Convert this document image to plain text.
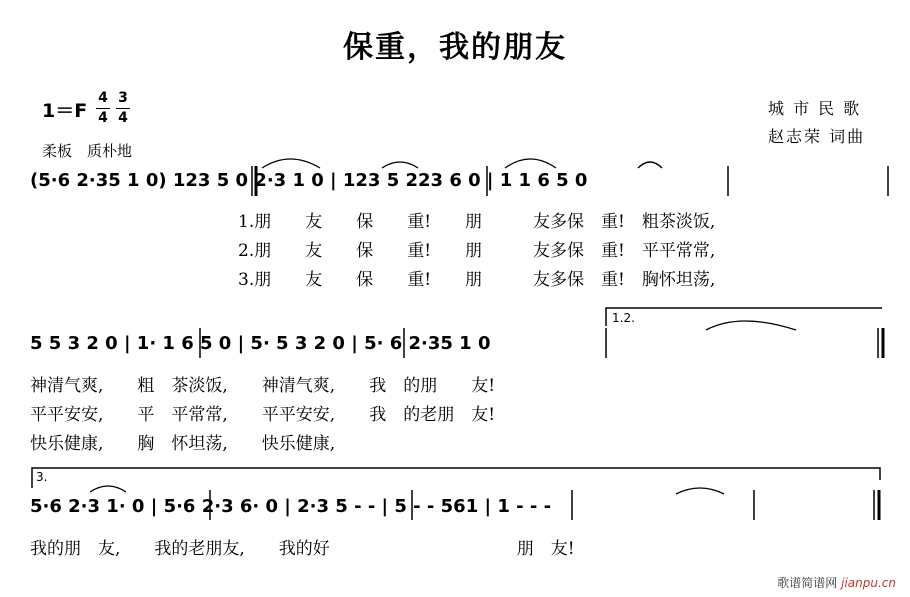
保重，我的朋友
1＝F
4
4
3
4
柔板　质朴地
城 市 民 歌
赵志荣 词曲
(5·6 2·35 1 0) 123 5 0 2·3 1 0 | 123 5 223 6 0 | 1 1 6 5 0
1.朋　　友　　保　　重!　　朋　　　友多保　重!　粗茶淡饭,
2.朋　　友　　保　　重!　　朋　　　友多保　重!　平平常常,
3.朋　　友　　保　　重!　　朋　　　友多保　重!　胸怀坦荡,
1.2.
5 5 3 2 0 | 1· 1 6 5 0 | 5· 5 3 2 0 | 5· 6 2·35 1 0
神清气爽,　　粗　茶淡饭,　　神清气爽,　　我　的朋　　友!
平平安安,　　平　平常常,　　平平安安,　　我　的老朋　友!
快乐健康,　　胸　怀坦荡,　　快乐健康,
3.
5·6 2·3 1· 0 | 5·6 2·3 6· 0 | 2·3 5 - - | 5 - - 561 | 1 - - -
我的朋　友,　　我的老朋友,　　我的好　　　　　　　　　　　朋　友!
歌谱简谱网 jianpu.cn
